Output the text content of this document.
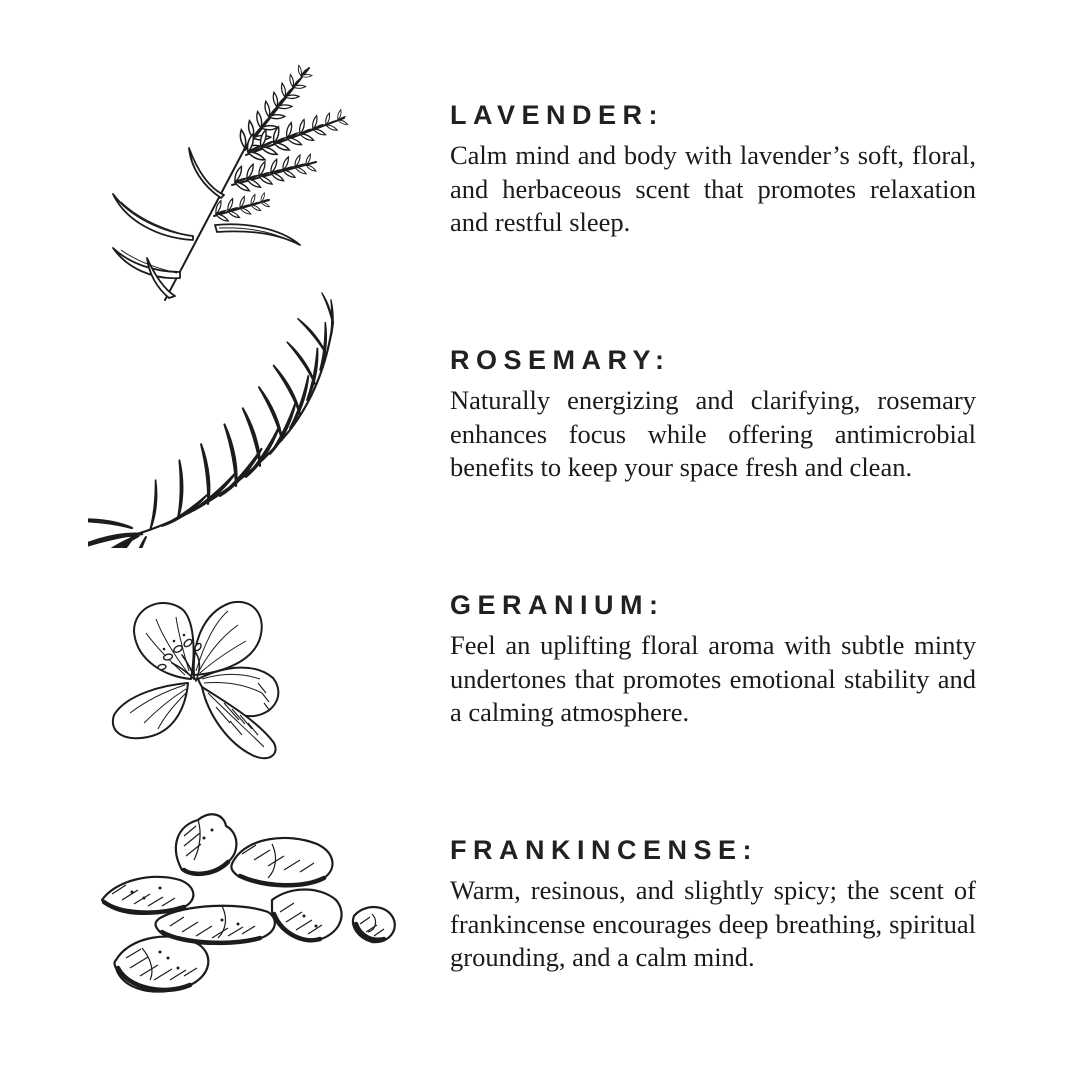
LAVENDER:

Calm mind and body with lavender’s soft, floral, and herbaceous scent that promotes relaxation and restful sleep.

ROSEMARY:

Naturally energizing and clarifying, rosemary enhances focus while offering antimicrobial benefits to keep your space fresh and clean.

GERANIUM:

Feel an uplifting floral aroma with subtle minty undertones that promotes emotional stability and a calming atmosphere.

FRANKINCENSE:

Warm, resinous, and slightly spicy; the scent of frankincense encourages deep breathing, spiritual grounding, and a calm mind.
